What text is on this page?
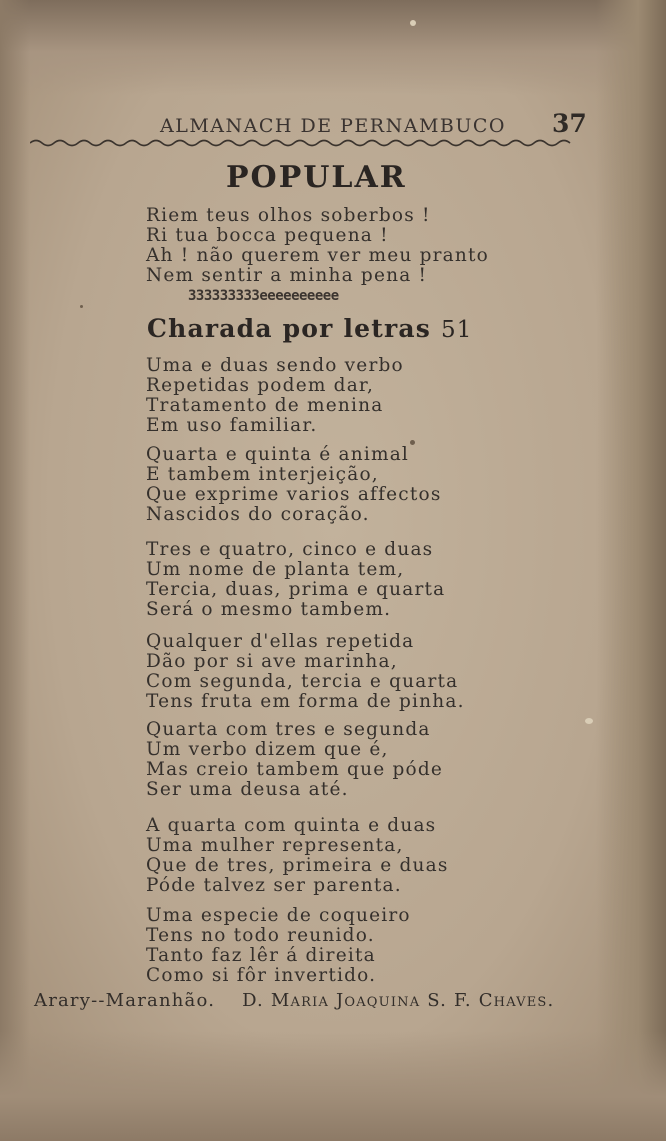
ALMANACH DE PERNAMBUCO 37
POPULAR
Riem teus olhos soberbos !
Ri tua bocca pequena !
Ah ! não querem ver meu pranto
Nem sentir a minha pena !
333333333ееееееееее
Charada por letras 51
Uma e duas sendo verbo
Repetidas podem dar,
Tratamento de menina
Em uso familiar.
Quarta e quinta é animal
E tambem interjeição,
Que exprime varios affectos
Nascidos do coração.
Tres e quatro, cinco e duas
Um nome de planta tem,
Tercia, duas, prima e quarta
Será o mesmo tambem.
Qualquer d'ellas repetida
Dão por si ave marinha,
Com segunda, tercia e quarta
Tens fruta em forma de pinha.
Quarta com tres e segunda
Um verbo dizem que é,
Mas creio tambem que póde
Ser uma deusa até.
A quarta com quinta e duas
Uma mulher representa,
Que de tres, primeira e duas
Póde talvez ser parenta.
Uma especie de coqueiro
Tens no todo reunido.
Tanto faz lêr á direita
Como si fôr invertido.
Arary--Maranhão. D. Maria Joaquina S. F. Chaves.
